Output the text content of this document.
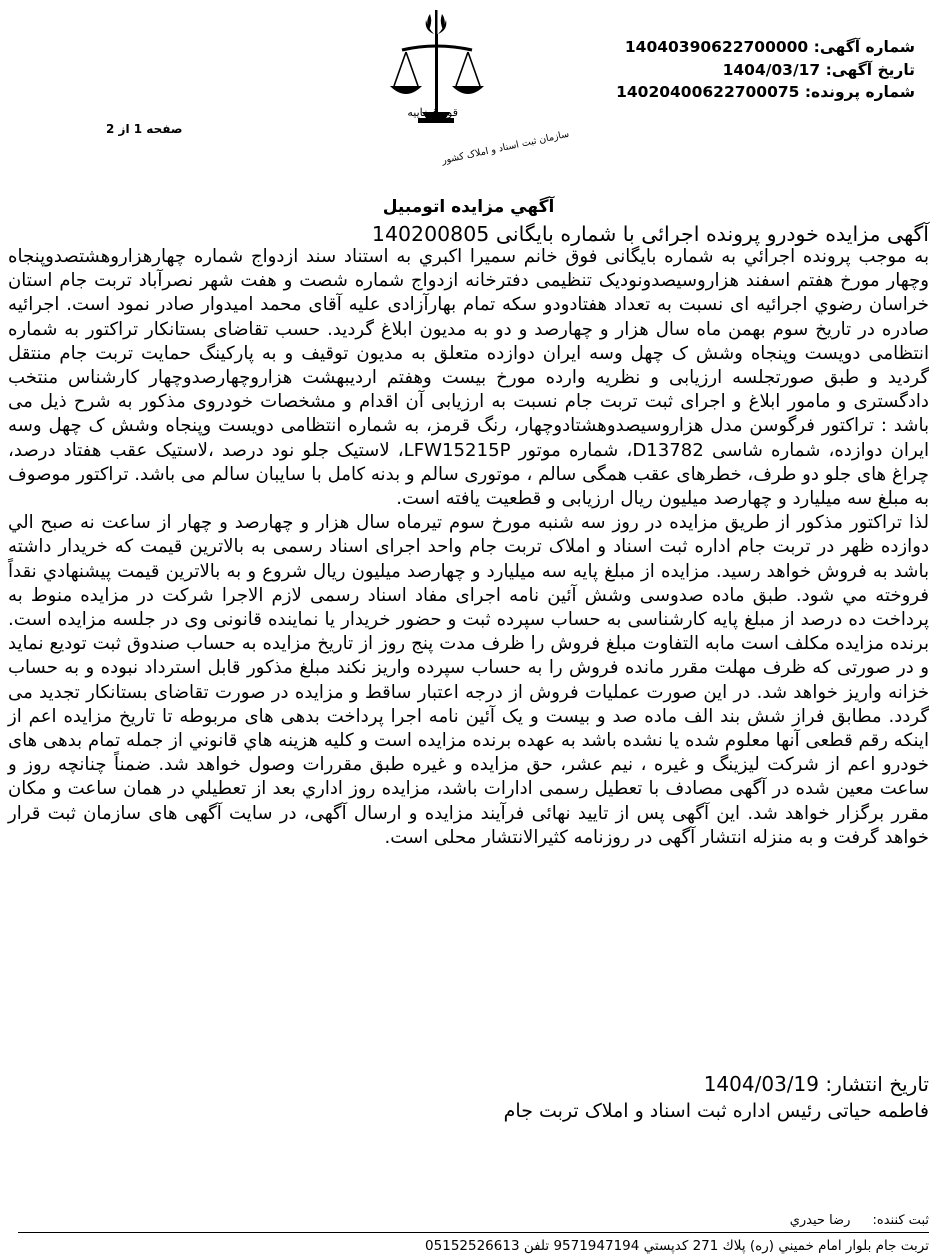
شماره آگهی: 14040390622700000
تاریخ آگهی: 1404/03/17
شماره پرونده: 14020400622700075
قوه قضاییه
سازمان ثبت اسناد و املاک کشور
صفحه 1 از 2
آگهي مزايده اتومبيل
آگهی مزایده خودرو پرونده اجرائی با شماره بایگانی 140200805

به موجب پرونده اجرائي به شماره بایگانی فوق خانم سمیرا اكبري به استناد سند ازدواج شماره چهارهزاروهشتصدوپنجاه وچهار مورخ هفتم اسفند هزاروسیصدونودیک تنظیمی دفترخانه ازدواج شماره شصت و هفت شهر نصرآباد تربت جام استان خراسان رضوي اجرائیه ای نسبت به تعداد هفتادودو سکه تمام بهارآزادی علیه آقای محمد امیدوار صادر نمود است. اجرائیه صادره در تاریخ سوم بهمن ماه سال هزار و چهارصد و دو به مدیون ابلاغ گردید. حسب تقاضای بستانکار تراکتور به شماره انتظامی دویست وپنجاه وشش ک چهل وسه ایران دوازده متعلق به مدیون توقیف و به پارکینگ حمایت تربت جام منتقل گردید و طبق صورتجلسه ارزیابی و نظریه وارده مورخ بیست وهفتم اردیبهشت هزاروچهارصدوچهار کارشناس منتخب دادگستری و مامور ابلاغ و اجرای ثبت تربت جام نسبت به ارزیابی آن اقدام و مشخصات خودروی مذکور به شرح ذیل می باشد : تراکتور فرگوسن مدل هزاروسیصدوهشتادوچهار، رنگ قرمز، به شماره انتظامی دویست وپنجاه وشش ک چهل وسه ایران دوازده، شماره شاسی D13782، شماره موتور LFW15215P، لاستیک جلو نود درصد ،لاستیک عقب هفتاد درصد، چراغ های جلو دو طرف، خطرهای عقب همگی سالم ، موتوری سالم و بدنه کامل با سایبان سالم می باشد. تراکتور موصوف به مبلغ سه میلیارد و چهارصد میلیون ریال ارزیابی و قطعیت یافته است.

لذا تراکتور مذکور از طریق مزایده در روز سه شنبه مورخ سوم تیرماه سال هزار و چهارصد و چهار از ساعت نه صبح الي دوازده ظهر در تربت جام اداره ثبت اسناد و املاک تربت جام واحد اجرای اسناد رسمی به بالاترین قیمت که خریدار داشته باشد به فروش خواهد رسید. مزايده از مبلغ پایه سه میلیارد و چهارصد میلیون ريال شروع و به بالاترين قيمت پيشنهادي نقداً فروخته مي شود. طبق ماده صدوسی وشش آئین نامه اجرای مفاد اسناد رسمی لازم الاجرا شرکت در مزایده منوط به پرداخت ده درصد از مبلغ پایه کارشناسی به حساب سپرده ثبت و حضور خریدار یا نماینده قانونی وی در جلسه مزایده است. برنده مزایده مکلف است مابه التفاوت مبلغ فروش را ظرف مدت پنج روز از تاریخ مزایده به حساب صندوق ثبت توديع نمايد و در صورتی که ظرف مهلت مقرر مانده فروش را به حساب سپرده واریز نکند مبلغ مذکور قابل استرداد نبوده و به حساب خزانه واریز خواهد شد. در این صورت عملیات فروش از درجه اعتبار ساقط و مزایده در صورت تقاضای بستانکار تجدید می گردد. مطابق فراز شش بند الف ماده صد و بیست و یک آئین نامه اجرا پرداخت بدهی های مربوطه تا تاریخ مزایده اعم از اینکه رقم قطعی آنها معلوم شده یا نشده باشد به عهده برنده مزایده است و کلیه هزینه هاي قانوني از جمله تمام بدهی های خودرو اعم از شرکت لیزینگ و غیره ، نیم عشر، حق مزایده و غیره طبق مقررات وصول خواهد شد. ضمناً چنانچه روز و ساعت معین شده در آگهی مصادف با تعطیل رسمی ادارات باشد، مزایده روز اداري بعد از تعطيلي در همان ساعت و مكان مقرر برگزار خواهد شد. این آگهی پس از تایید نهائی فرآیند مزایده و ارسال آگهی، در سایت آگهی های سازمان ثبت قرار خواهد گرفت و به منزله انتشار آگهی در روزنامه کثیرالانتشار محلی است.

تاریخ انتشار: 1404/03/19
فاطمه حیاتی رئیس اداره ثبت اسناد و املاک تربت جام
ثبت کننده: رضا حيدري
تربت جام بلوار امام خميني (ره) پلاك 271 كدپستي 9571947194 تلفن 05152526613
